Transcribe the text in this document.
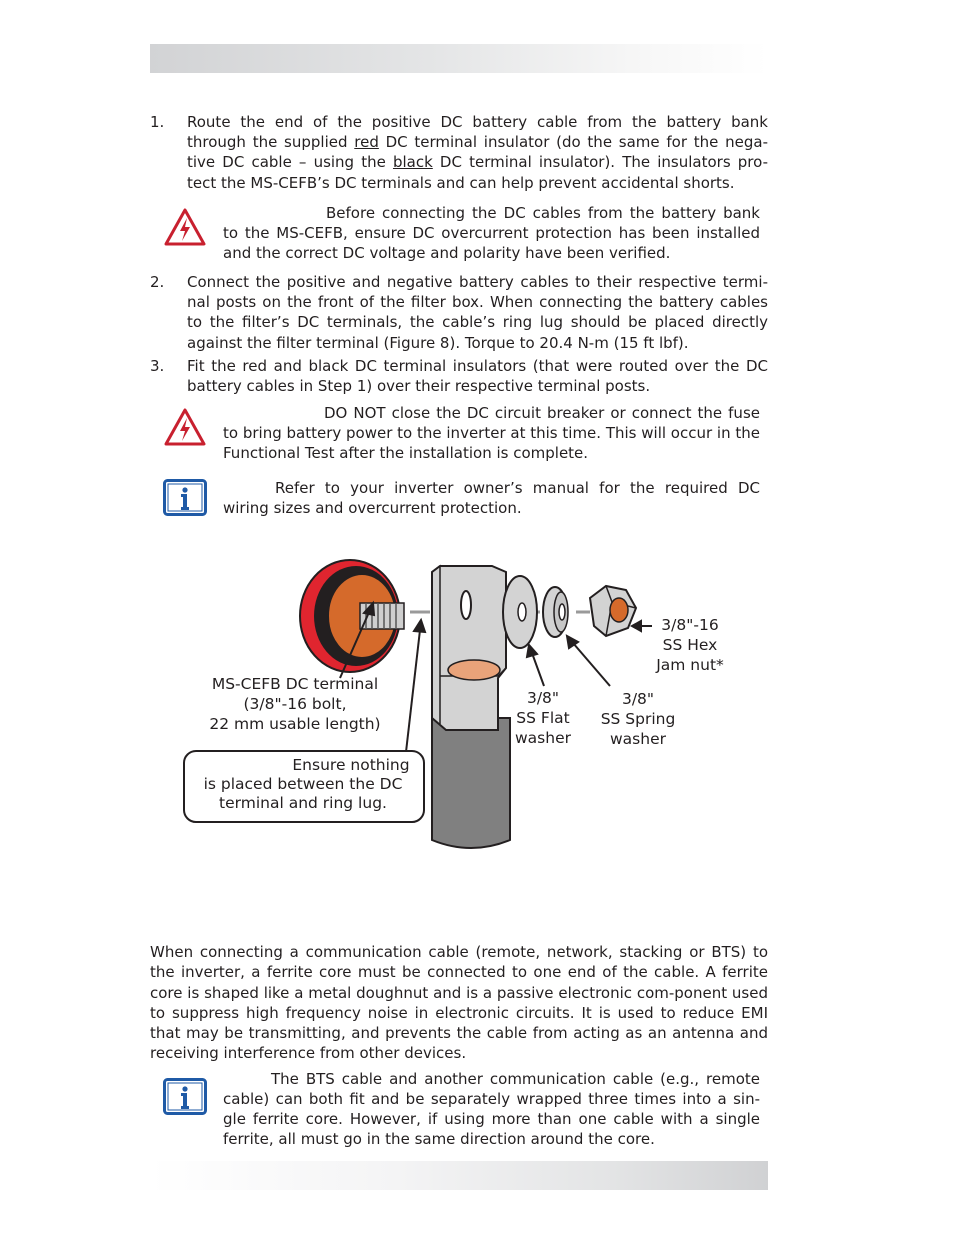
1. Route the end of the positive DC battery cable from the battery bank through the supplied red DC terminal insulator (do the same for the nega-tive DC cable – using the black DC terminal insulator). The insulators pro-tect the MS-CEFB’s DC terminals and can help prevent accidental shorts.
Before connecting the DC cables from the battery bank to the MS-CEFB, ensure DC overcurrent protection has been installed and the correct DC voltage and polarity have been verified.
2. Connect the positive and negative battery cables to their respective termi-nal posts on the front of the filter box. When connecting the battery cables to the filter’s DC terminals, the cable’s ring lug should be placed directly against the filter terminal (Figure 8). Torque to 20.4 N-m (15 ft lbf).
3. Fit the red and black DC terminal insulators (that were routed over the DC battery cables in Step 1) over their respective terminal posts.
DO NOT close the DC circuit breaker or connect the fuse to bring battery power to the inverter at this time. This will occur in the Functional Test after the installation is complete.
Refer to your inverter owner’s manual for the required DC wiring sizes and overcurrent protection.
MS-CEFB DC terminal
(3/8"-16 bolt,
22 mm usable length)
3/8"
SS Flat
washer
3/8"
SS Spring
washer
3/8"-16
SS Hex
Jam nut*
Ensure nothing
is placed between the DC
terminal and ring lug.
When connecting a communication cable (remote, network, stacking or BTS) to the inverter, a ferrite core must be connected to one end of the cable. A ferrite core is shaped like a metal doughnut and is a passive electronic com-ponent used to suppress high frequency noise in electronic circuits. It is used to reduce EMI that may be transmitting, and prevents the cable from acting as an antenna and receiving interference from other devices.
The BTS cable and another communication cable (e.g., remote cable) can both fit and be separately wrapped three times into a sin-gle ferrite core. However, if using more than one cable with a single ferrite, all must go in the same direction around the core.
